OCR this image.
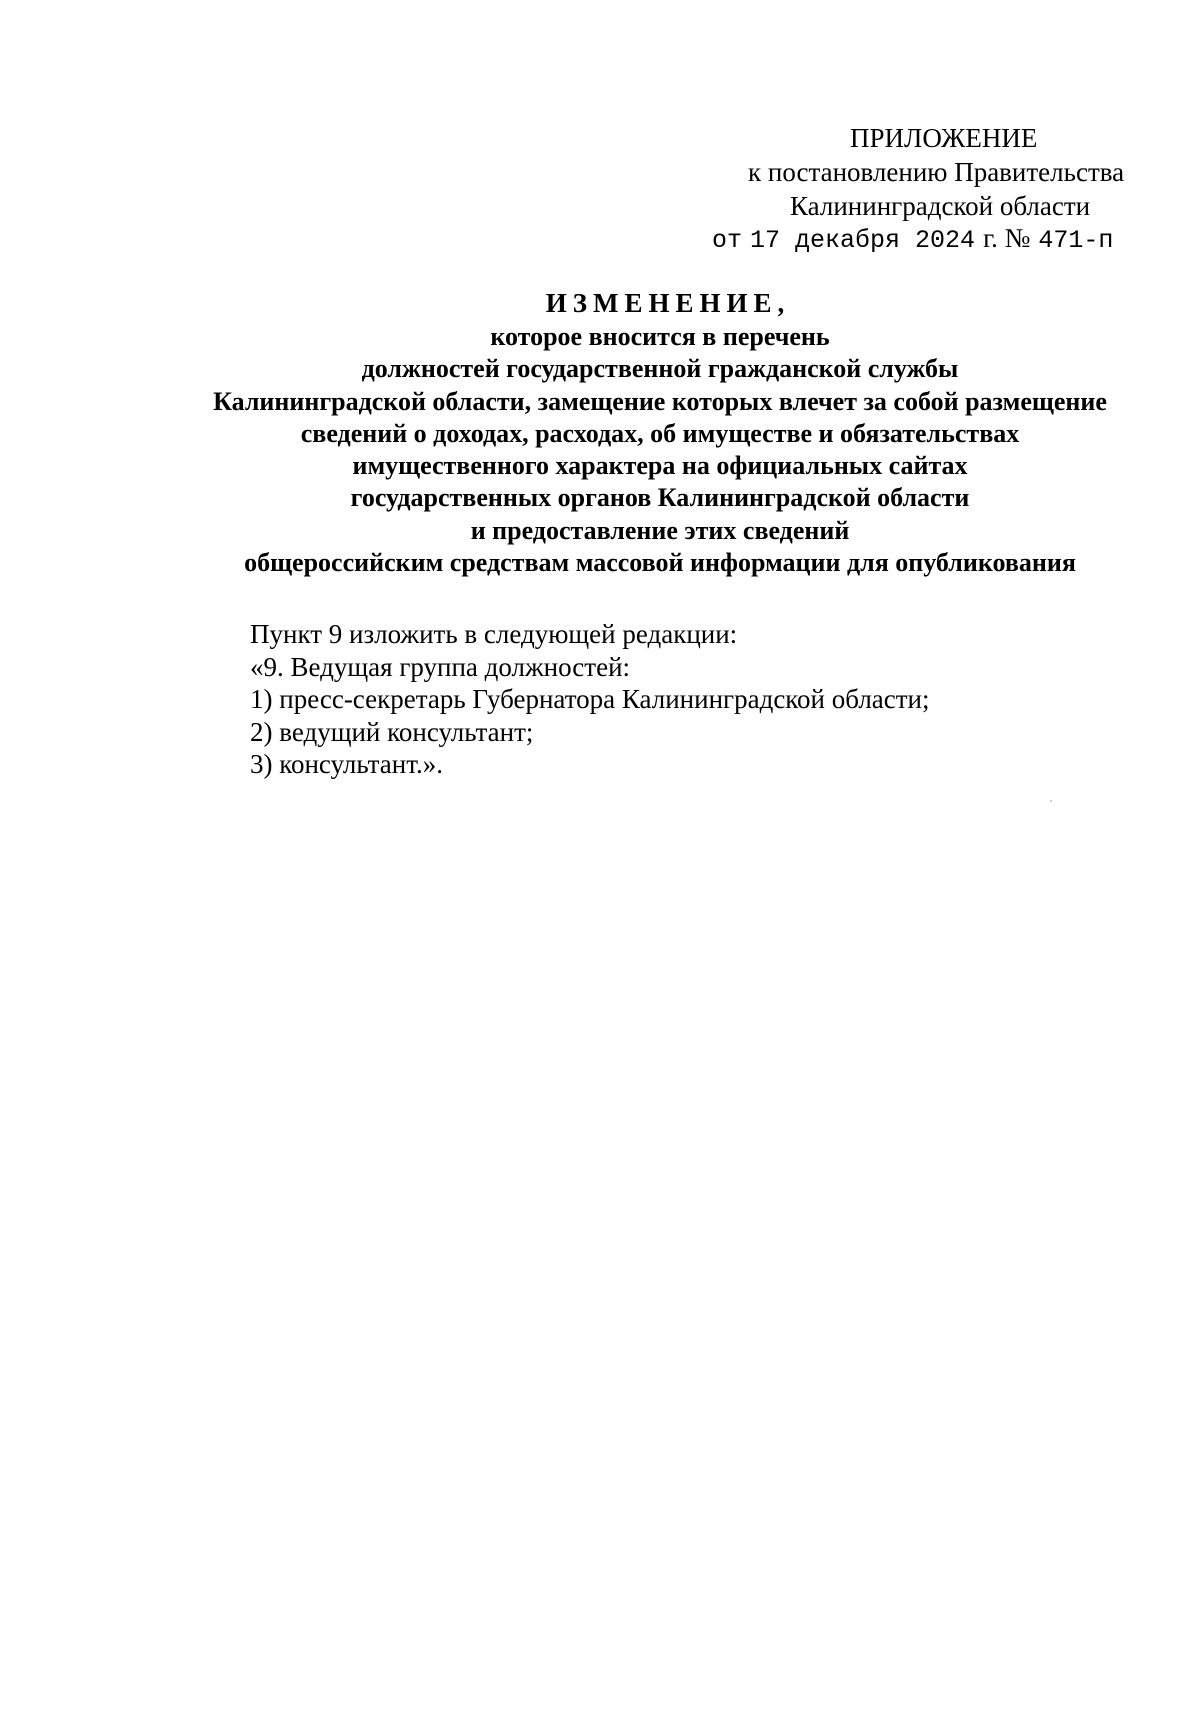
ПРИЛОЖЕНИЕ
к постановлению Правительства
Калининградской области
от 17 декабря 2024 г. № 471-п
ИЗМЕНЕНИЕ,
которое вносится в перечень
должностей государственной гражданской службы
Калининградской области, замещение которых влечет за собой размещение
сведений о доходах, расходах, об имуществе и обязательствах
имущественного характера на официальных сайтах
государственных органов Калининградской области
и предоставление этих сведений
общероссийским средствам массовой информации для опубликования
Пункт 9 изложить в следующей редакции:
«9. Ведущая группа должностей:
1) пресс-секретарь Губернатора Калининградской области;
2) ведущий консультант;
3) консультант.».
